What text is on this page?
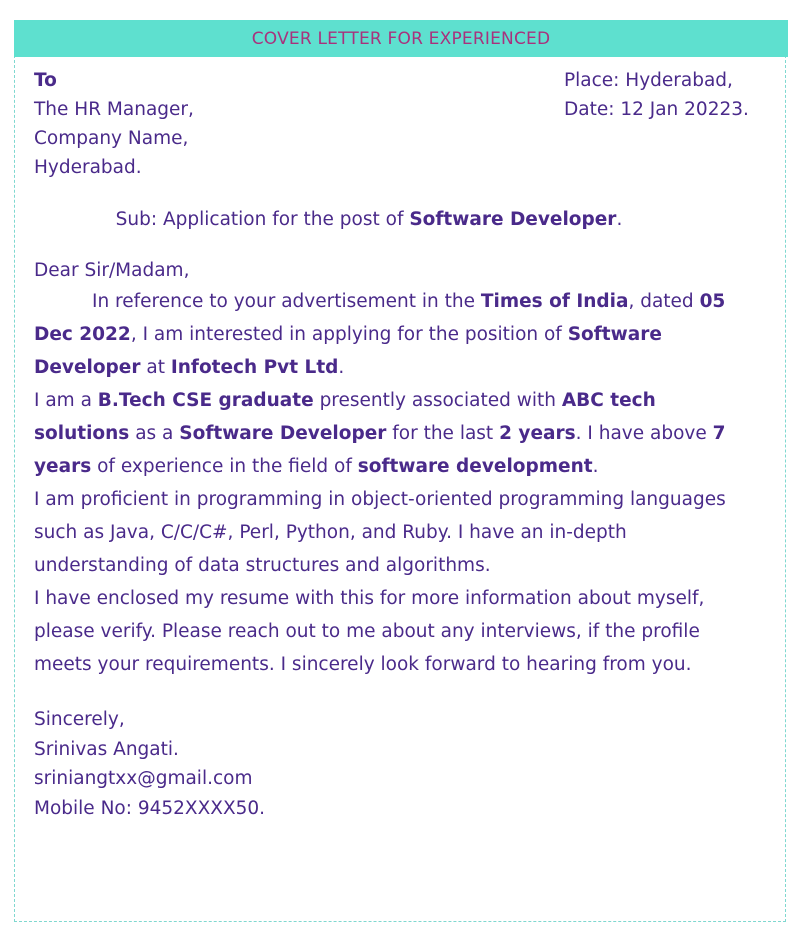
COVER LETTER FOR EXPERIENCED
To
The HR Manager,
Company Name,
Hyderabad.
Place: Hyderabad,
Date: 12 Jan 20223.
Sub: Application for the post of Software Developer.
Dear Sir/Madam,

In reference to your advertisement in the Times of India, dated 05 Dec 2022, I am interested in applying for the position of Software Developer at Infotech Pvt Ltd.

I am a B.Tech CSE graduate presently associated with ABC tech solutions as a Software Developer for the last 2 years. I have above 7 years of experience in the field of software development.

I am proficient in programming in object-oriented programming languages such as Java, C/C/C#, Perl, Python, and Ruby. I have an in-depth understanding of data structures and algorithms.

I have enclosed my resume with this for more information about myself, please verify. Please reach out to me about any interviews, if the profile meets your requirements. I sincerely look forward to hearing from you.

Sincerely,
Srinivas Angati.
sriniangtxx@gmail.com
Mobile No: 9452XXXX50.
